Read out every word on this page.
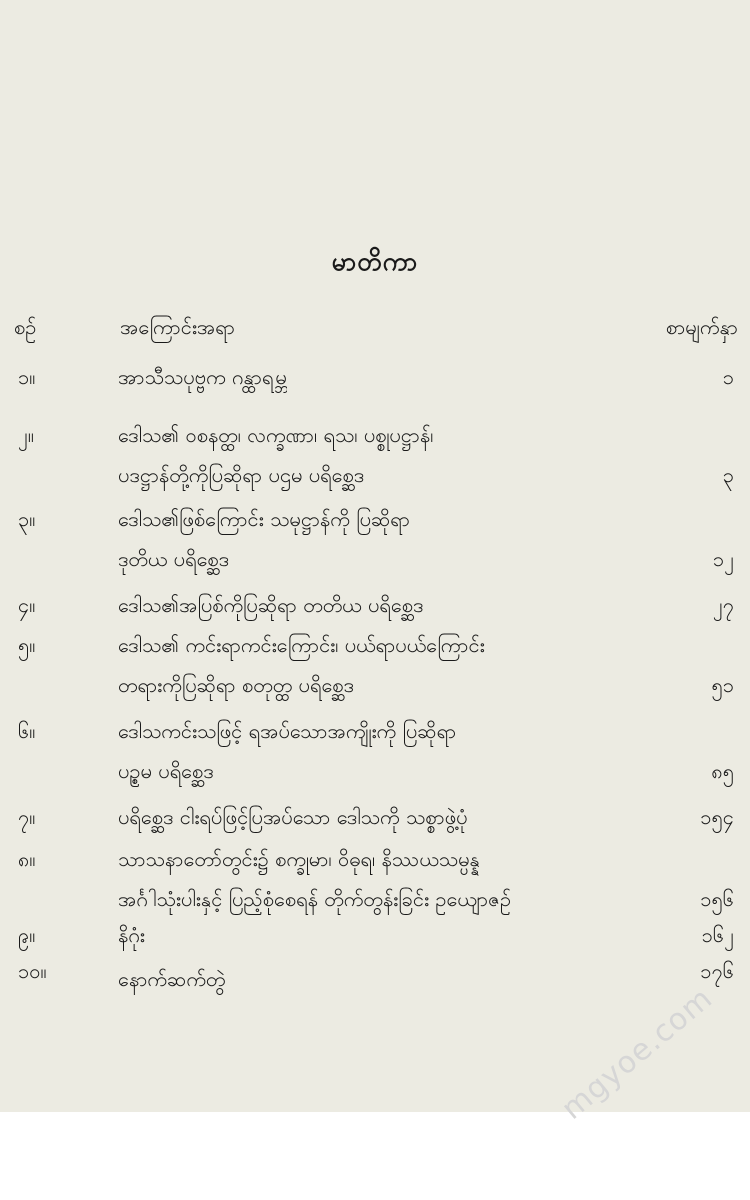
မာတိကာ
စဉ်	အကြောင်းအရာ	စာမျက်နှာ
၁။	အာသီသပုဗ္ဗက ဂန္ထာရမ္ဘ	၁
၂။	ဒေါသ၏ ဝစနတ္ထ၊ လက္ခဏာ၊ ရသ၊ ပစ္စုပဋ္ဌာန်၊
ပဒဋ္ဌာန်တို့ကိုပြဆိုရာ ပဌမ ပရိစ္ဆေဒ	၃
၃။	ဒေါသ၏ဖြစ်ကြောင်း သမုဋ္ဌာန်ကို ပြဆိုရာ
ဒုတိယ ပရိစ္ဆေဒ	၁၂
၄။	ဒေါသ၏အပြစ်ကိုပြဆိုရာ တတိယ ပရိစ္ဆေဒ	၂၇
၅။	ဒေါသ၏ ကင်းရာကင်းကြောင်း၊ ပယ်ရာပယ်ကြောင်း
တရားကိုပြဆိုရာ စတုတ္ထ ပရိစ္ဆေဒ	၅၁
၆။	ဒေါသကင်းသဖြင့် ရအပ်သောအကျိုးကို ပြဆိုရာ
ပဥ္စမ ပရိစ္ဆေဒ	၈၅
၇။	ပရိစ္ဆေဒ ငါးရပ်ဖြင့်ပြအပ်သော ဒေါသကို သစ္စာဖွဲ့ပုံ	၁၅၄
၈။	သာသနာတော်တွင်း၌ စက္ခုမာ၊ ဝိဓုရ၊ နိဿယသမ္ပန္န
အင်္ဂါသုံးပါးနှင့် ပြည့်စုံစေရန် တိုက်တွန်းခြင်း ဥယျောဇဉ်	၁၅၆
၉။	နိဂုံး	၁၆၂
၁၀။	နောက်ဆက်တွဲ	၁၇၆
mgyoe.com
